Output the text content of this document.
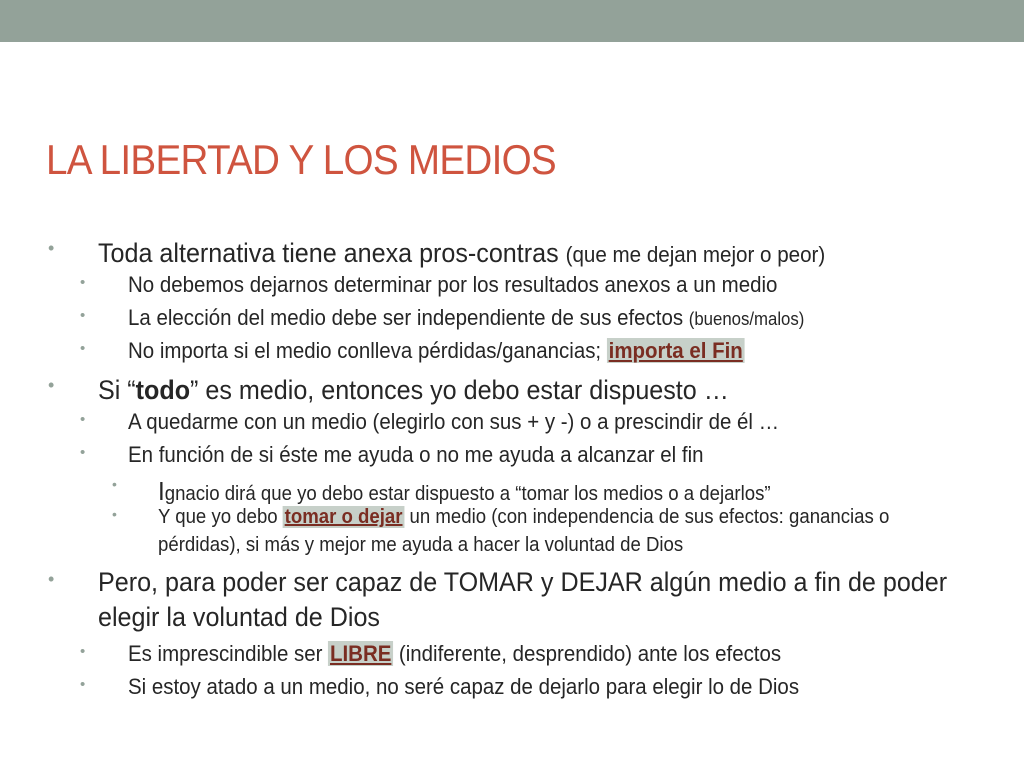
LA LIBERTAD Y LOS MEDIOS
• Toda alternativa tiene anexa pros-contras (que me dejan mejor o peor)
• No debemos dejarnos determinar por los resultados anexos a un medio
• La elección del medio debe ser independiente de sus efectos (buenos/malos)
• No importa si el medio conlleva pérdidas/ganancias; importa el Fin
• Si “todo” es medio, entonces yo debo estar dispuesto …
• A quedarme con un medio (elegirlo con sus + y -) o a prescindir de él …
• En función de si éste me ayuda o no me ayuda a alcanzar el fin
• Ignacio dirá que yo debo estar dispuesto a “tomar los medios o a dejarlos”
• Y que yo debo tomar o dejar un medio (con independencia de sus efectos: ganancias o pérdidas), si más y mejor me ayuda a hacer la voluntad de Dios
• Pero, para poder ser capaz de TOMAR y DEJAR algún medio a fin de poder elegir la voluntad de Dios
• Es imprescindible ser LIBRE (indiferente, desprendido) ante los efectos
• Si estoy atado a un medio, no seré capaz de dejarlo para elegir lo de Dios
